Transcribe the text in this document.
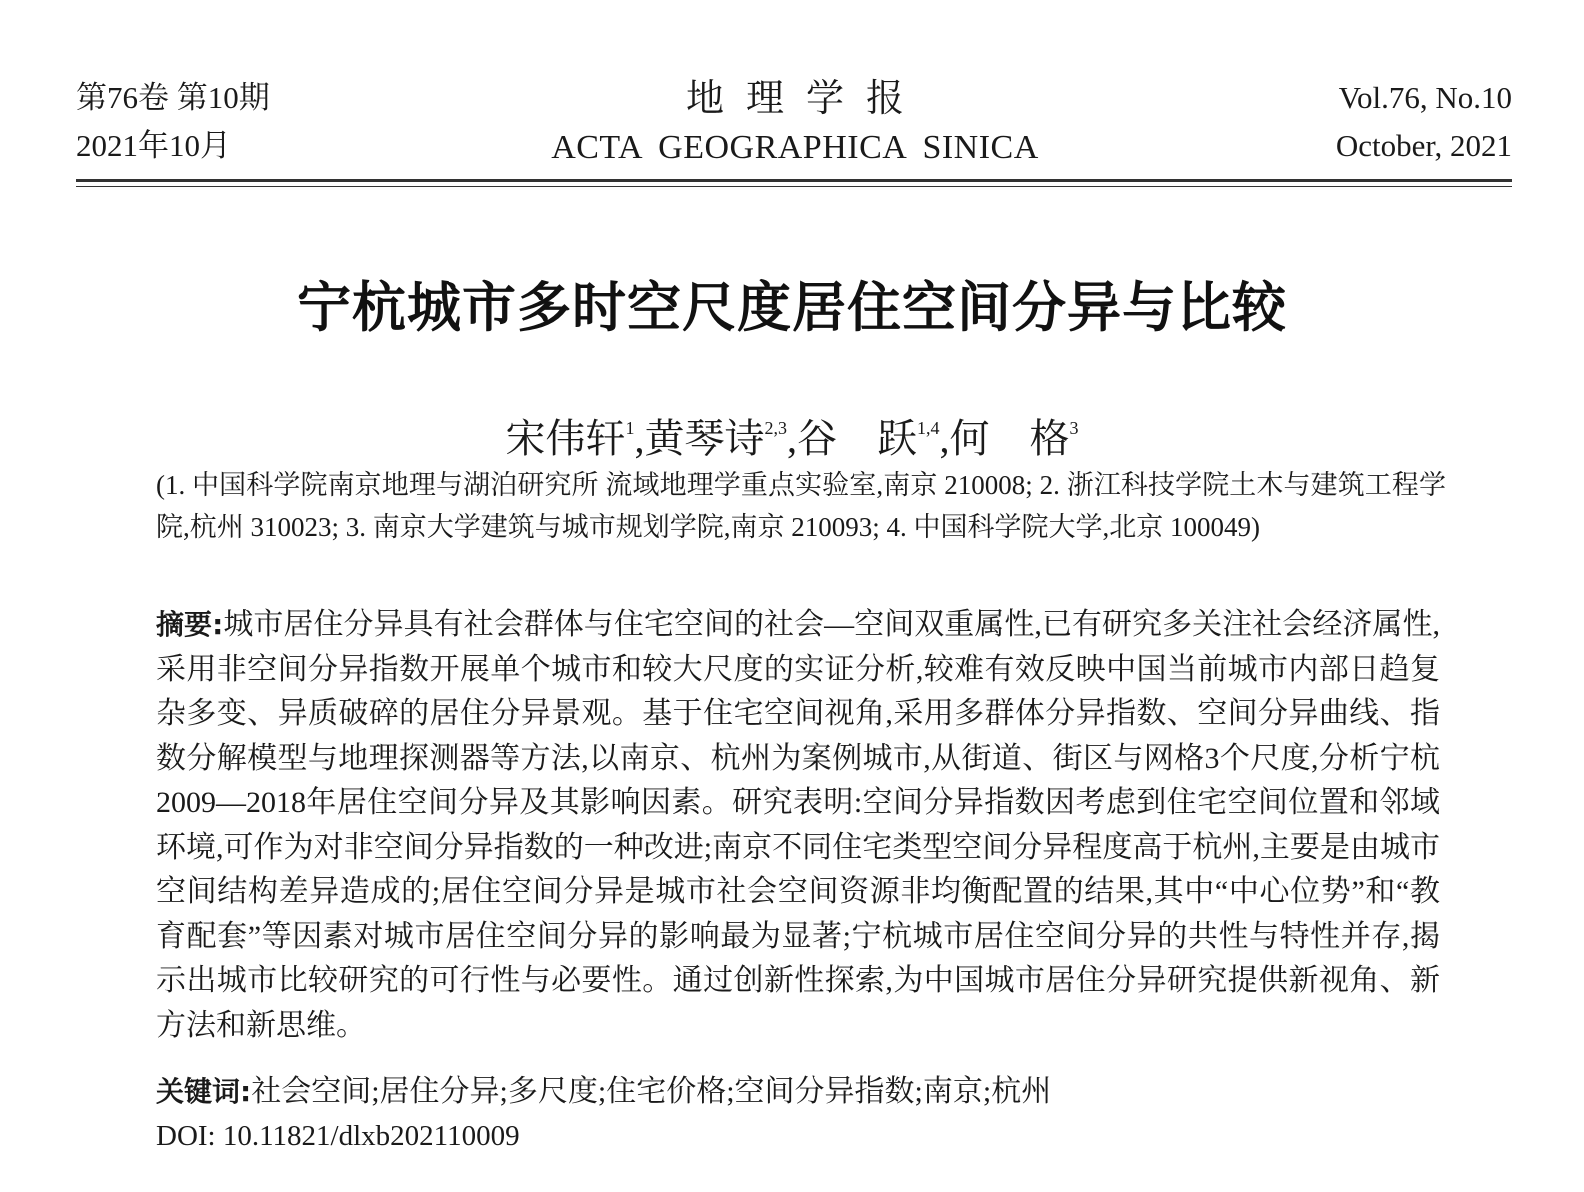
第76卷 第10期
2021年10月
地理学报
ACTA GEOGRAPHICA SINICA
Vol.76, No.10
October, 2021
宁杭城市多时空尺度居住空间分异与比较
宋伟轩$^1$,黄琴诗$^{2,3}$,谷　跃$^{1,4}$,何　格$^3$
(1. 中国科学院南京地理与湖泊研究所 流域地理学重点实验室,南京 210008; 2. 浙江科技学院土木与建筑工程学院,杭州 310023; 3. 南京大学建筑与城市规划学院,南京 210093; 4. 中国科学院大学,北京 100049)
摘要:城市居住分异具有社会群体与住宅空间的社会—空间双重属性,已有研究多关注社会经济属性,采用非空间分异指数开展单个城市和较大尺度的实证分析,较难有效反映中国当前城市内部日趋复杂多变、异质破碎的居住分异景观。基于住宅空间视角,采用多群体分异指数、空间分异曲线、指数分解模型与地理探测器等方法,以南京、杭州为案例城市,从街道、街区与网格3个尺度,分析宁杭2009—2018年居住空间分异及其影响因素。研究表明:空间分异指数因考虑到住宅空间位置和邻域环境,可作为对非空间分异指数的一种改进;南京不同住宅类型空间分异程度高于杭州,主要是由城市空间结构差异造成的;居住空间分异是城市社会空间资源非均衡配置的结果,其中“中心位势”和“教育配套”等因素对城市居住空间分异的影响最为显著;宁杭城市居住空间分异的共性与特性并存,揭示出城市比较研究的可行性与必要性。通过创新性探索,为中国城市居住分异研究提供新视角、新方法和新思维。
关键词:社会空间;居住分异;多尺度;住宅价格;空间分异指数;南京;杭州
DOI: 10.11821/dlxb202110009
